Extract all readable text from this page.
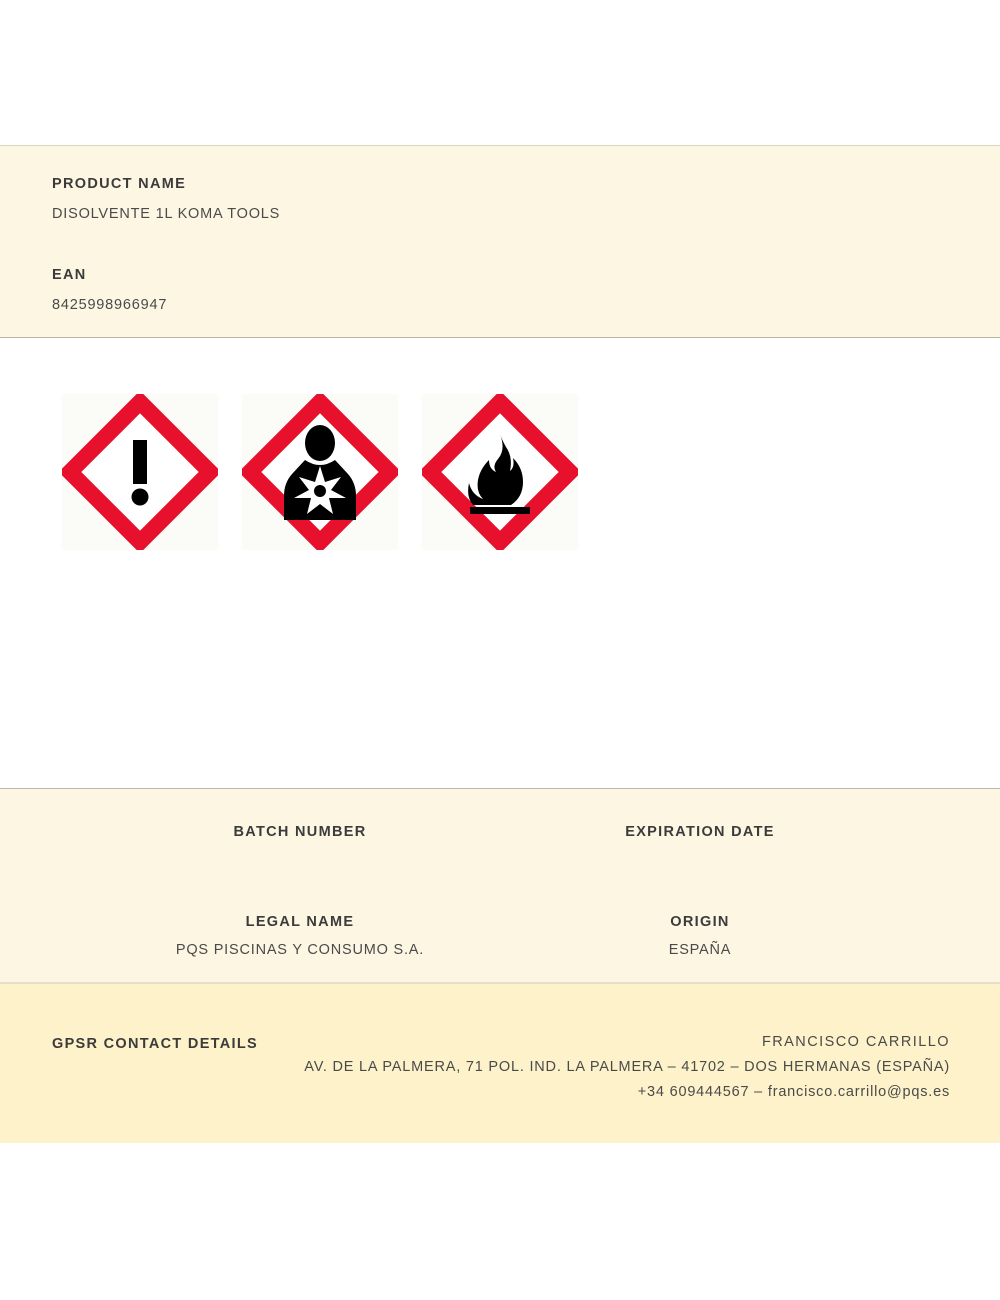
PRODUCT NAME
DISOLVENTE 1L KOMA TOOLS
EAN
8425998966947
BATCH NUMBER	EXPIRATION DATE
LEGAL NAME
PQS PISCINAS Y CONSUMO S.A.
ORIGIN
ESPAÑA
GPSR CONTACT DETAILS	FRANCISCO CARRILLO
AV. DE LA PALMERA, 71 POL. IND. LA PALMERA – 41702 – DOS HERMANAS (ESPAÑA)
+34 609444567 – francisco.carrillo@pqs.es
